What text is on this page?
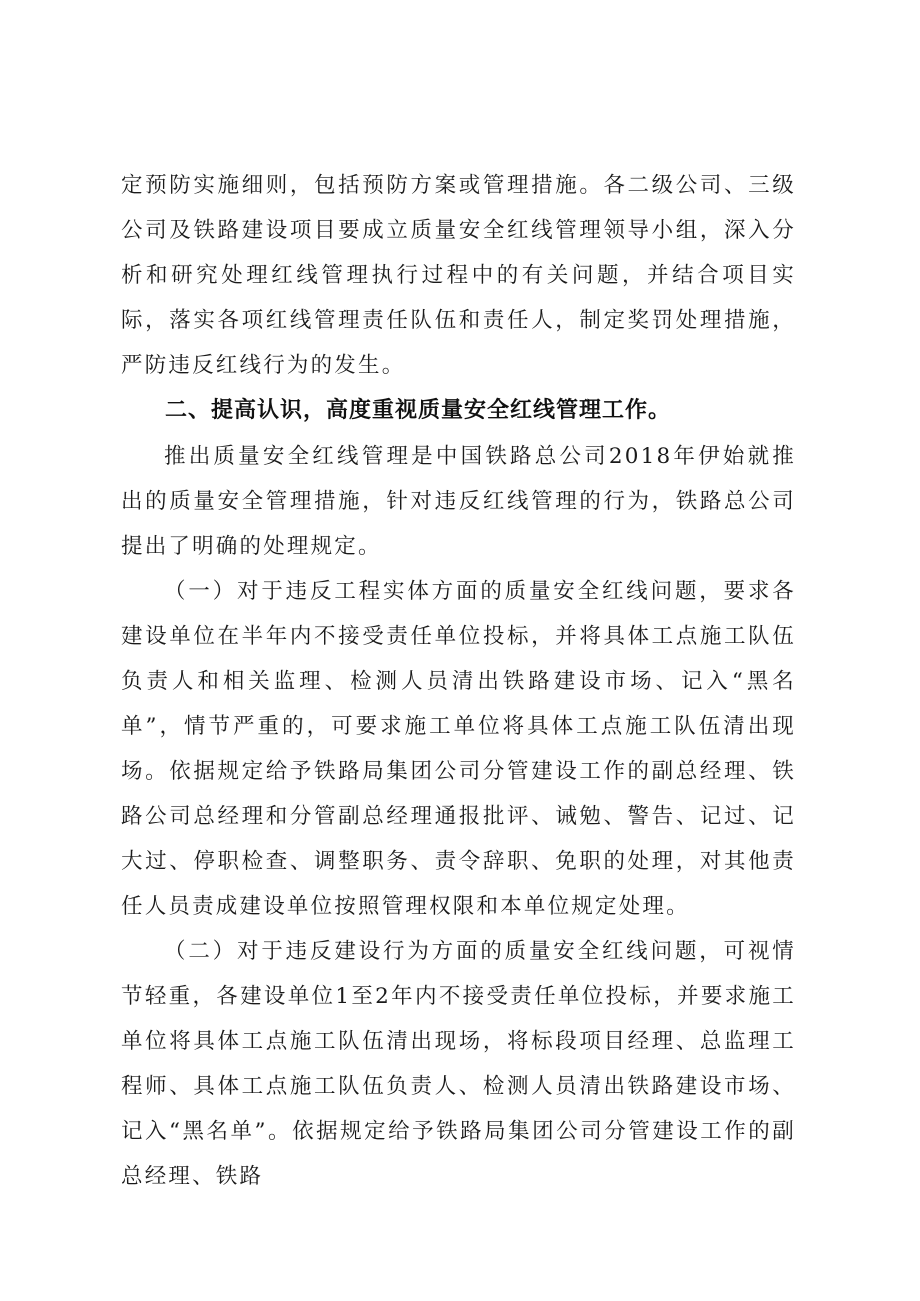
定预防实施细则，包括预防方案或管理措施。各二级公司、三级公司及铁路建设项目要成立质量安全红线管理领导小组，深入分析和研究处理红线管理执行过程中的有关问题，并结合项目实际，落实各项红线管理责任队伍和责任人，制定奖罚处理措施，严防违反红线行为的发生。

二、提高认识，高度重视质量安全红线管理工作。

推出质量安全红线管理是中国铁路总公司2018年伊始就推出的质量安全管理措施，针对违反红线管理的行为，铁路总公司提出了明确的处理规定。

（一）对于违反工程实体方面的质量安全红线问题，要求各建设单位在半年内不接受责任单位投标，并将具体工点施工队伍负责人和相关监理、检测人员清出铁路建设市场、记入“黑名单”，情节严重的，可要求施工单位将具体工点施工队伍清出现场。依据规定给予铁路局集团公司分管建设工作的副总经理、铁路公司总经理和分管副总经理通报批评、诫勉、警告、记过、记大过、停职检查、调整职务、责令辞职、免职的处理，对其他责任人员责成建设单位按照管理权限和本单位规定处理。

（二）对于违反建设行为方面的质量安全红线问题，可视情节轻重，各建设单位1至2年内不接受责任单位投标，并要求施工单位将具体工点施工队伍清出现场，将标段项目经理、总监理工程师、具体工点施工队伍负责人、检测人员清出铁路建设市场、记入“黑名单”。依据规定给予铁路局集团公司分管建设工作的副总经理、铁路
